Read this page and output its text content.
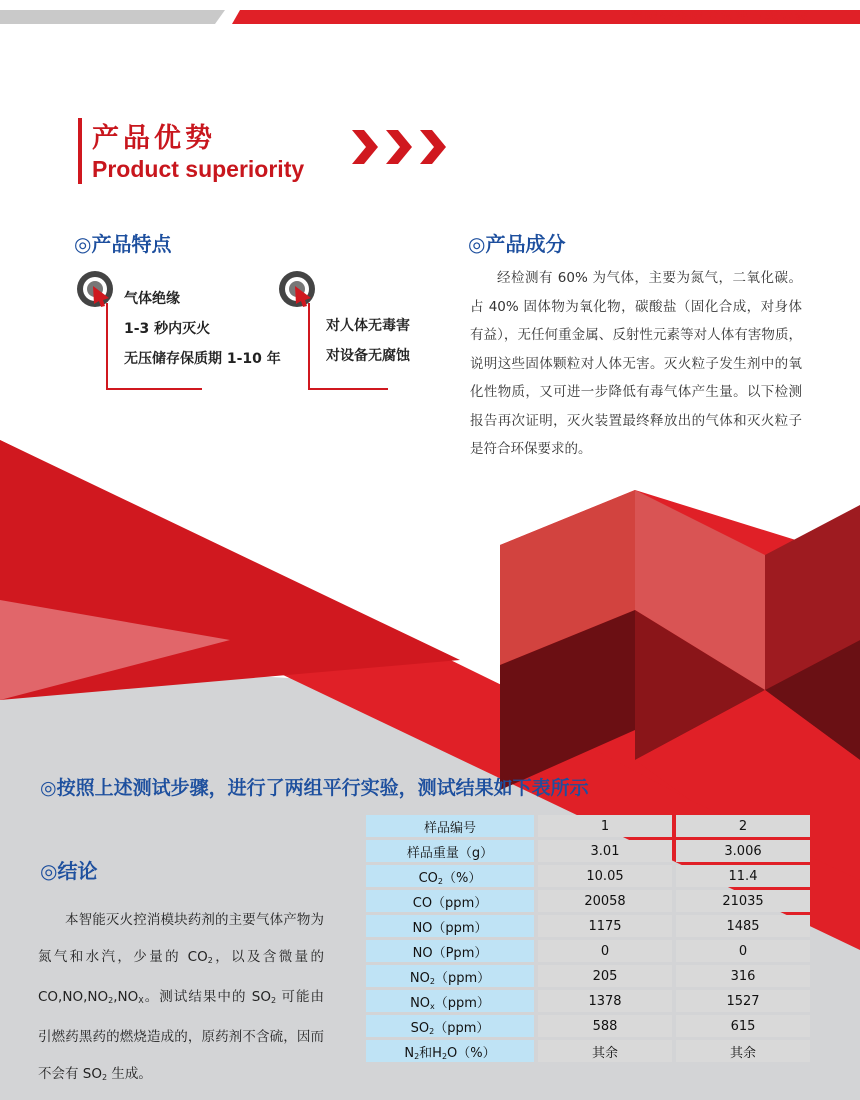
消防安全防护解决方案专家
产品优势
Product superiority
◎产品特点
气体绝缘
1-3 秒内灭火
无压储存保质期 1-10 年
对人体无毒害
对设备无腐蚀
◎产品成分
经检测有 60% 为气体，主要为氮气，二氧化碳。占 40% 固体物为氧化物，碳酸盐（固化合成，对身体有益），无任何重金属、反射性元素等对人体有害物质，说明这些固体颗粒对人体无害。灭火粒子发生剂中的氧化性物质，又可进一步降低有毒气体产生量。以下检测报告再次证明，灭火装置最终释放出的气体和灭火粒子是符合环保要求的。
◎按照上述测试步骤，进行了两组平行实验，测试结果如下表所示
◎结论
本智能灭火控消模块药剂的主要气体产物为氮气和水汽，少量的 $CO_2$，以及含微量的 $CO,NO,NO_2,NO_X$。测试结果中的 $SO_2$ 可能由引燃药黑药的燃烧造成的，原药剂不含硫，因而不会有 $SO_2$ 生成。
样品编号	1	2
样品重量（g）	3.01	3.006
$CO_2(\%)$	10.05	11.4
CO（ppm）	20058	21035
NO（ppm）	1175	1485
NO（Ppm）	0	0
$NO_2(ppm)$	205	316
$NO_x(ppm)$	1378	1527
$SO_2(ppm)$	588	615
$N_2$和$H_2O(\%)$	其余	其余
